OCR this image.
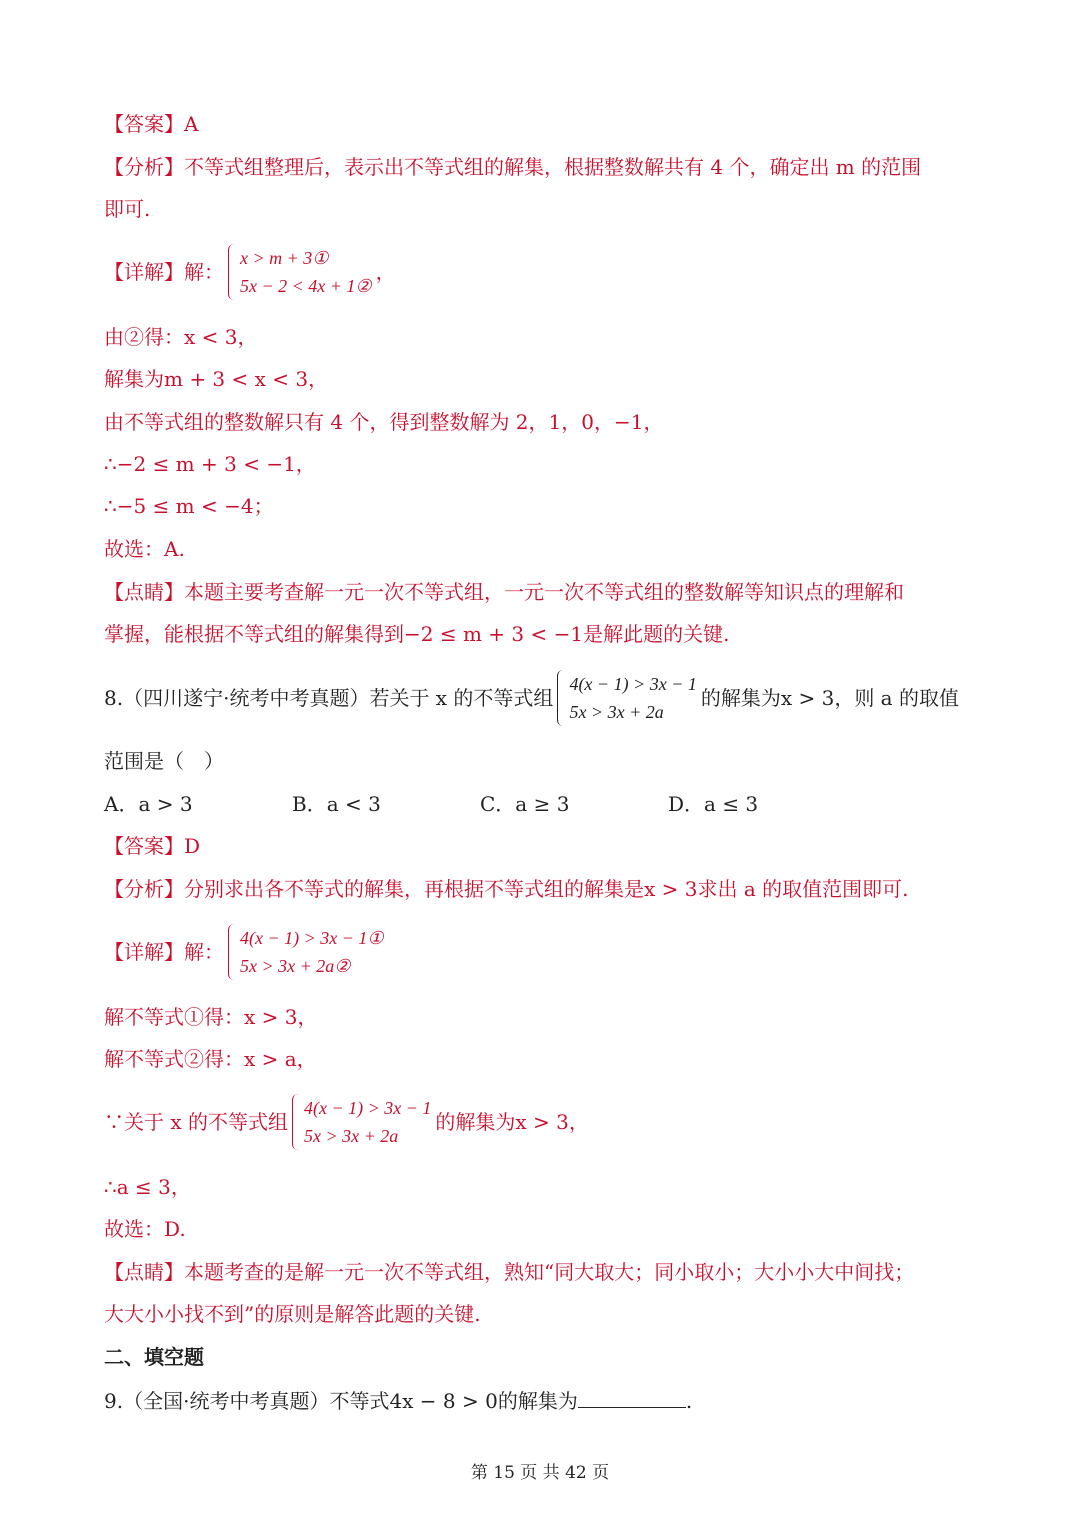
【答案】A
【分析】不等式组整理后，表示出不等式组的解集，根据整数解共有 4 个，确定出 m 的范围
即可.
【详解】解：
x > m + 3①
5x − 2 < 4x + 1②
，
由②得：x < 3，
解集为m + 3 < x < 3，
由不等式组的整数解只有 4 个，得到整数解为 2，1，0，−1，
∴−2 ≤ m + 3 < −1，
∴−5 ≤ m < −4；
故选：A.
【点睛】本题主要考查解一元一次不等式组，一元一次不等式组的整数解等知识点的理解和
掌握，能根据不等式组的解集得到−2 ≤ m + 3 < −1是解此题的关键.
8.（四川遂宁·统考中考真题）若关于 x 的不等式组
4(x − 1) > 3x − 1
5x > 3x + 2a
的解集为x > 3，则 a 的取值
范围是（　）
A．a > 3	B．a < 3	C．a ≥ 3	D．a ≤ 3
【答案】D
【分析】分别求出各不等式的解集，再根据不等式组的解集是x > 3求出 a 的取值范围即可.
【详解】解：
4(x − 1) > 3x − 1①
5x > 3x + 2a②
解不等式①得：x > 3，
解不等式②得：x > a，
∵关于 x 的不等式组
4(x − 1) > 3x − 1
5x > 3x + 2a
的解集为x > 3，
∴a ≤ 3，
故选：D.
【点睛】本题考查的是解一元一次不等式组，熟知“同大取大；同小取小；大小小大中间找；
大大小小找不到”的原则是解答此题的关键.
二、填空题
9.（全国·统考中考真题）不等式4x − 8 > 0的解集为	.
第 15 页 共 42 页
